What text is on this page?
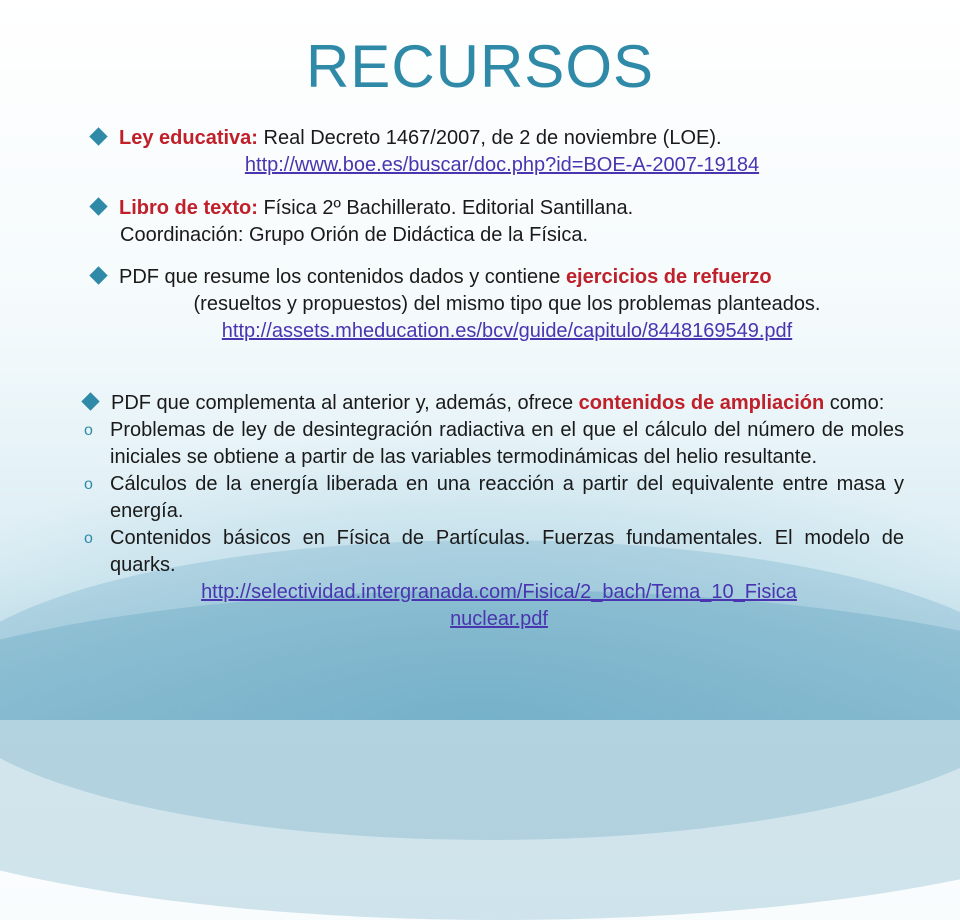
RECURSOS
Ley educativa: Real Decreto 1467/2007, de 2 de noviembre (LOE).
http://www.boe.es/buscar/doc.php?id=BOE-A-2007-19184
Libro de texto: Física 2º Bachillerato. Editorial Santillana.
Coordinación: Grupo Orión de Didáctica de la Física.
PDF que resume los contenidos dados y contiene ejercicios de refuerzo
(resueltos y propuestos) del mismo tipo que los problemas planteados.
http://assets.mheducation.es/bcv/guide/capitulo/8448169549.pdf
PDF que complementa al anterior y, además, ofrece contenidos de ampliación como:
o Problemas de ley de desintegración radiactiva en el que el cálculo del número de moles iniciales se obtiene a partir de las variables termodinámicas del helio resultante.
o Cálculos de la energía liberada en una reacción a partir del equivalente entre masa y energía.
o Contenidos básicos en Física de Partículas. Fuerzas fundamentales. El modelo de quarks.
http://selectividad.intergranada.com/Fisica/2_bach/Tema_10_Fisica
nuclear.pdf
